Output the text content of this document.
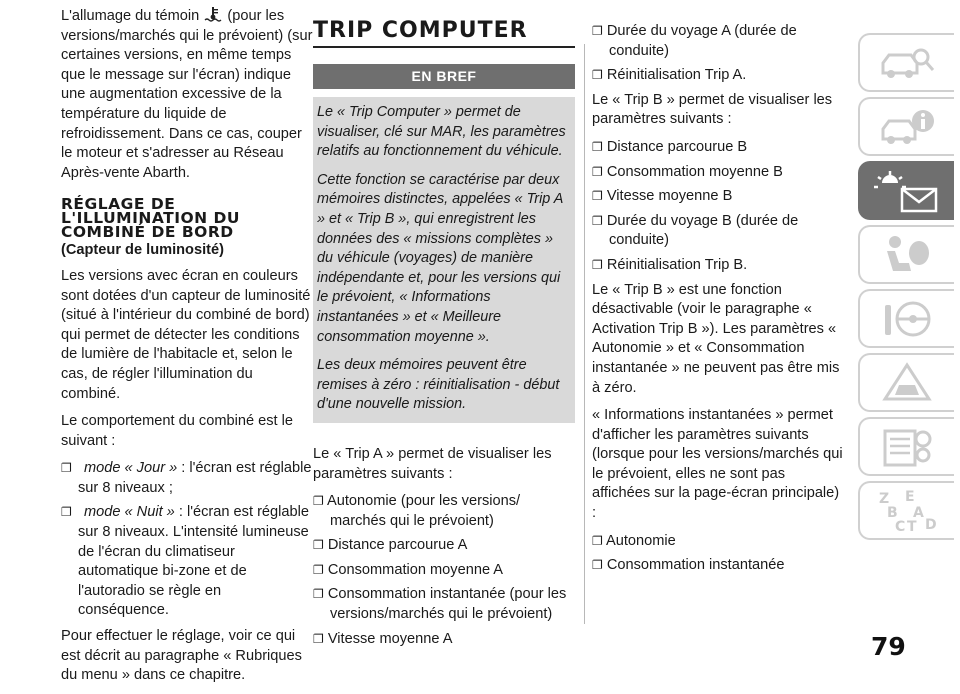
L'allumage du témoin (pour les versions/marchés qui le prévoient) (sur certaines versions, en même temps que le message sur l'écran) indique une augmentation excessive de la température du liquide de refroidissement. Dans ce cas, couper le moteur et s'adresser au Réseau Après-vente Abarth.

RÉGLAGE DE L'ILLUMINATION DU COMBINÉ DE BORD
(Capteur de luminosité)

Les versions avec écran en couleurs sont dotées d'un capteur de luminosité (situé à l'intérieur du combiné de bord) qui permet de détecter les conditions de lumière de l'habitacle et, selon le cas, de régler l'illumination du combiné.

Le comportement du combiné est le suivant :

❐ mode « Jour » : l'écran est réglable sur 8 niveaux ;
❐ mode « Nuit » : l'écran est réglable sur 8 niveaux. L'intensité lumineuse de l'écran du climatiseur automatique bi-zone et de l'autoradio se règle en conséquence.

Pour effectuer le réglage, voir ce qui est décrit au paragraphe « Rubriques du menu » dans ce chapitre.

TRIP COMPUTER
EN BREF

Le « Trip Computer » permet de visualiser, clé sur MAR, les paramètres relatifs au fonctionnement du véhicule.

Cette fonction se caractérise par deux mémoires distinctes, appelées « Trip A » et « Trip B », qui enregistrent les données des « missions complètes » du véhicule (voyages) de manière indépendante et, pour les versions qui le prévoient, « Informations instantanées » et « Meilleure consommation moyenne ».

Les deux mémoires peuvent être remises à zéro : réinitialisation - début d'une nouvelle mission.

Le « Trip A » permet de visualiser les paramètres suivants :

❐ Autonomie (pour les versions/ marchés qui le prévoient)
❐ Distance parcourue A
❐ Consommation moyenne A
❐ Consommation instantanée (pour les versions/marchés qui le prévoient)
❐ Vitesse moyenne A
❐ Durée du voyage A (durée de conduite)
❐ Réinitialisation Trip A.

Le « Trip B » permet de visualiser les paramètres suivants :

❐ Distance parcourue B
❐ Consommation moyenne B
❐ Vitesse moyenne B
❐ Durée du voyage B (durée de conduite)
❐ Réinitialisation Trip B.

Le « Trip B » est une fonction désactivable (voir le paragraphe « Activation Trip B »). Les paramètres « Autonomie » et « Consommation instantanée » ne peuvent pas être mis à zéro.

« Informations instantanées » permet d'afficher les paramètres suivants (lorsque pour les versions/marchés qui le prévoient, elles ne sont pas affichées sur la page-écran principale) :

❐ Autonomie
❐ Consommation instantanée
Z E
B A
C T D
79
